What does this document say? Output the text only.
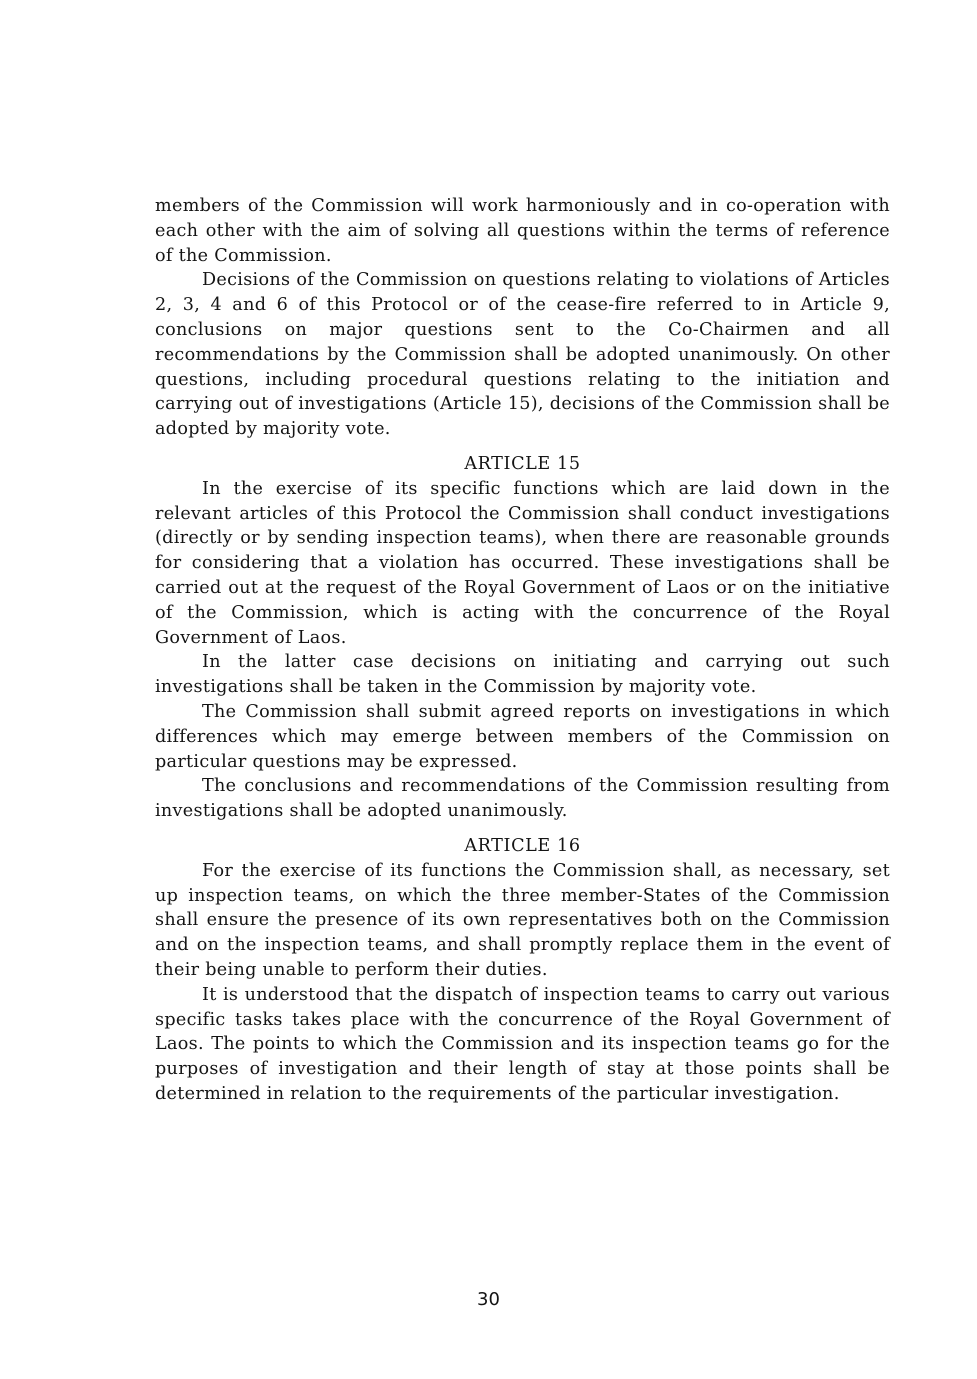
members of the Commission will work harmoniously and in co-operation with each other with the aim of solving all questions within the terms of reference of the Commission.

Decisions of the Commission on questions relating to violations of Articles 2, 3, 4 and 6 of this Protocol or of the cease-fire referred to in Article 9, conclusions on major questions sent to the Co-Chairmen and all recommendations by the Commission shall be adopted unanimously. On other questions, including procedural questions relating to the initiation and carrying out of investigations (Article 15), decisions of the Commission shall be adopted by majority vote.

ARTICLE 15

In the exercise of its specific functions which are laid down in the relevant articles of this Protocol the Commission shall conduct investigations (directly or by sending inspection teams), when there are reasonable grounds for considering that a violation has occurred. These investigations shall be carried out at the request of the Royal Government of Laos or on the initiative of the Commission, which is acting with the concurrence of the Royal Government of Laos.

In the latter case decisions on initiating and carrying out such investigations shall be taken in the Commission by majority vote.

The Commission shall submit agreed reports on investigations in which differences which may emerge between members of the Commission on particular questions may be expressed.

The conclusions and recommendations of the Commission resulting from investigations shall be adopted unanimously.

ARTICLE 16

For the exercise of its functions the Commission shall, as necessary, set up inspection teams, on which the three member-States of the Commission shall ensure the presence of its own representatives both on the Commission and on the inspection teams, and shall promptly replace them in the event of their being unable to perform their duties.

It is understood that the dispatch of inspection teams to carry out various specific tasks takes place with the concurrence of the Royal Government of Laos. The points to which the Commission and its inspection teams go for the purposes of investigation and their length of stay at those points shall be determined in relation to the requirements of the particular investigation.

30
